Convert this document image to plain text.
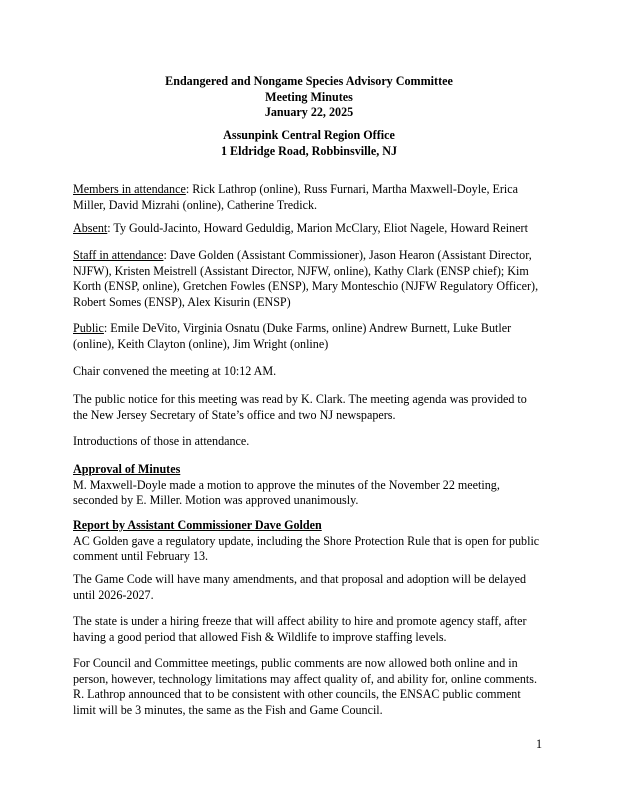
Endangered and Nongame Species Advisory Committee
Meeting Minutes
January 22, 2025
Assunpink Central Region Office
1 Eldridge Road, Robbinsville, NJ
Members in attendance: Rick Lathrop (online), Russ Furnari, Martha Maxwell-Doyle, Erica
Miller, David Mizrahi (online), Catherine Tredick.
Absent: Ty Gould-Jacinto, Howard Geduldig, Marion McClary, Eliot Nagele, Howard Reinert
Staff in attendance: Dave Golden (Assistant Commissioner), Jason Hearon (Assistant Director,
NJFW), Kristen Meistrell (Assistant Director, NJFW, online), Kathy Clark (ENSP chief); Kim
Korth (ENSP, online), Gretchen Fowles (ENSP), Mary Monteschio (NJFW Regulatory Officer),
Robert Somes (ENSP), Alex Kisurin (ENSP)
Public: Emile DeVito, Virginia Osnatu (Duke Farms, online) Andrew Burnett, Luke Butler
(online), Keith Clayton (online), Jim Wright (online)
Chair convened the meeting at 10:12 AM.
The public notice for this meeting was read by K. Clark. The meeting agenda was provided to
the New Jersey Secretary of State’s office and two NJ newspapers.
Introductions of those in attendance.
Approval of Minutes
M. Maxwell-Doyle made a motion to approve the minutes of the November 22 meeting,
seconded by E. Miller. Motion was approved unanimously.
Report by Assistant Commissioner Dave Golden
AC Golden gave a regulatory update, including the Shore Protection Rule that is open for public
comment until February 13.
The Game Code will have many amendments, and that proposal and adoption will be delayed
until 2026-2027.
The state is under a hiring freeze that will affect ability to hire and promote agency staff, after
having a good period that allowed Fish & Wildlife to improve staffing levels.
For Council and Committee meetings, public comments are now allowed both online and in
person, however, technology limitations may affect quality of, and ability for, online comments.
R. Lathrop announced that to be consistent with other councils, the ENSAC public comment
limit will be 3 minutes, the same as the Fish and Game Council.
1
